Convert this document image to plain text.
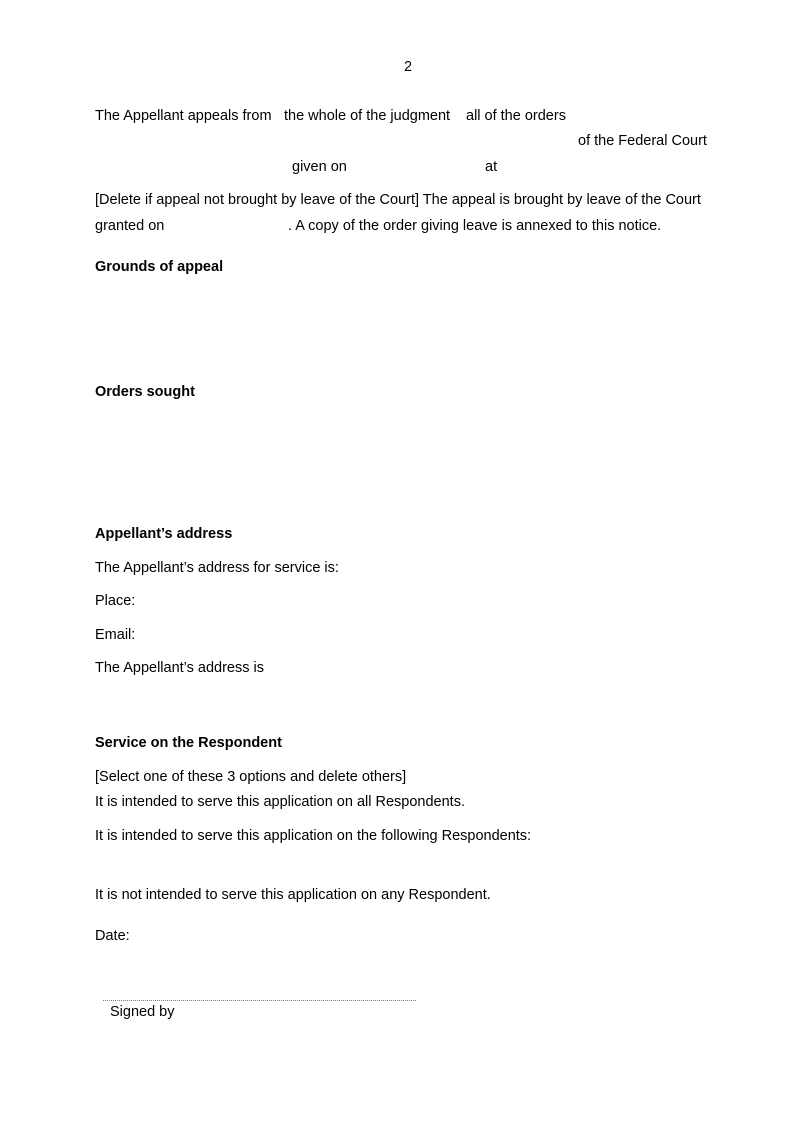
2
The Appellant appeals from the whole of the judgment all of the orders
of the Federal Court
given on	at
[Delete if appeal not brought by leave of the Court] The appeal is brought by leave of the Court
granted on	. A copy of the order giving leave is annexed to this notice.
Grounds of appeal
Orders sought
Appellant’s address
The Appellant’s address for service is:
Place:
Email:
The Appellant’s address is
Service on the Respondent
[Select one of these 3 options and delete others]
It is intended to serve this application on all Respondents.
It is intended to serve this application on the following Respondents:
It is not intended to serve this application on any Respondent.
Date:
Signed by
